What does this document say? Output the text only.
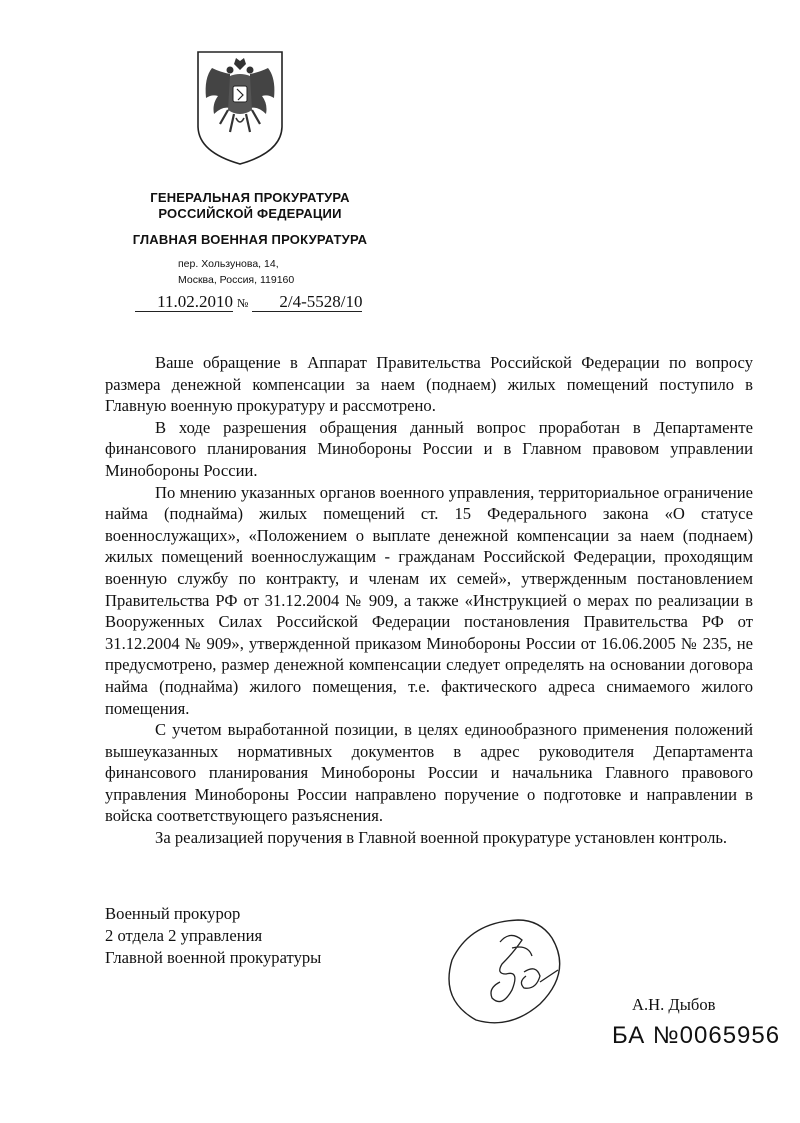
ГЕНЕРАЛЬНАЯ ПРОКУРАТУРА
РОССИЙСКОЙ ФЕДЕРАЦИИ
ГЛАВНАЯ ВОЕННАЯ ПРОКУРАТУРА
пер. Хользунова, 14,
Москва, Россия, 119160
11.02.2010 № 2/4-5528/10

Ваше обращение в Аппарат Правительства Российской Федерации по вопросу размера денежной компенсации за наем (поднаем) жилых помещений поступило в Главную военную прокуратуру и рассмотрено.

В ходе разрешения обращения данный вопрос проработан в Департаменте финансового планирования Минобороны России и в Главном правовом управлении Минобороны России.

По мнению указанных органов военного управления, территориальное ограничение найма (поднайма) жилых помещений ст. 15 Федерального закона «О статусе военнослужащих», «Положением о выплате денежной компенсации за наем (поднаем) жилых помещений военнослужащим - гражданам Российской Федерации, проходящим военную службу по контракту, и членам их семей», утвержденным постановлением Правительства РФ от 31.12.2004 № 909, а также «Инструкцией о мерах по реализации в Вооруженных Силах Российской Федерации постановления Правительства РФ от 31.12.2004 № 909», утвержденной приказом Минобороны России от 16.06.2005 № 235, не предусмотрено, размер денежной компенсации следует определять на основании договора найма (поднайма) жилого помещения, т.е. фактического адреса снимаемого жилого помещения.

С учетом выработанной позиции, в целях единообразного применения положений вышеуказанных нормативных документов в адрес руководителя Департамента финансового планирования Минобороны России и начальника Главного правового управления Минобороны России направлено поручение о подготовке и направлении в войска соответствующего разъяснения.

За реализацией поручения в Главной военной прокуратуре установлен контроль.

Военный прокурор
2 отдела 2 управления
Главной военной прокуратуры
А.Н. Дыбов
БА №0065956
